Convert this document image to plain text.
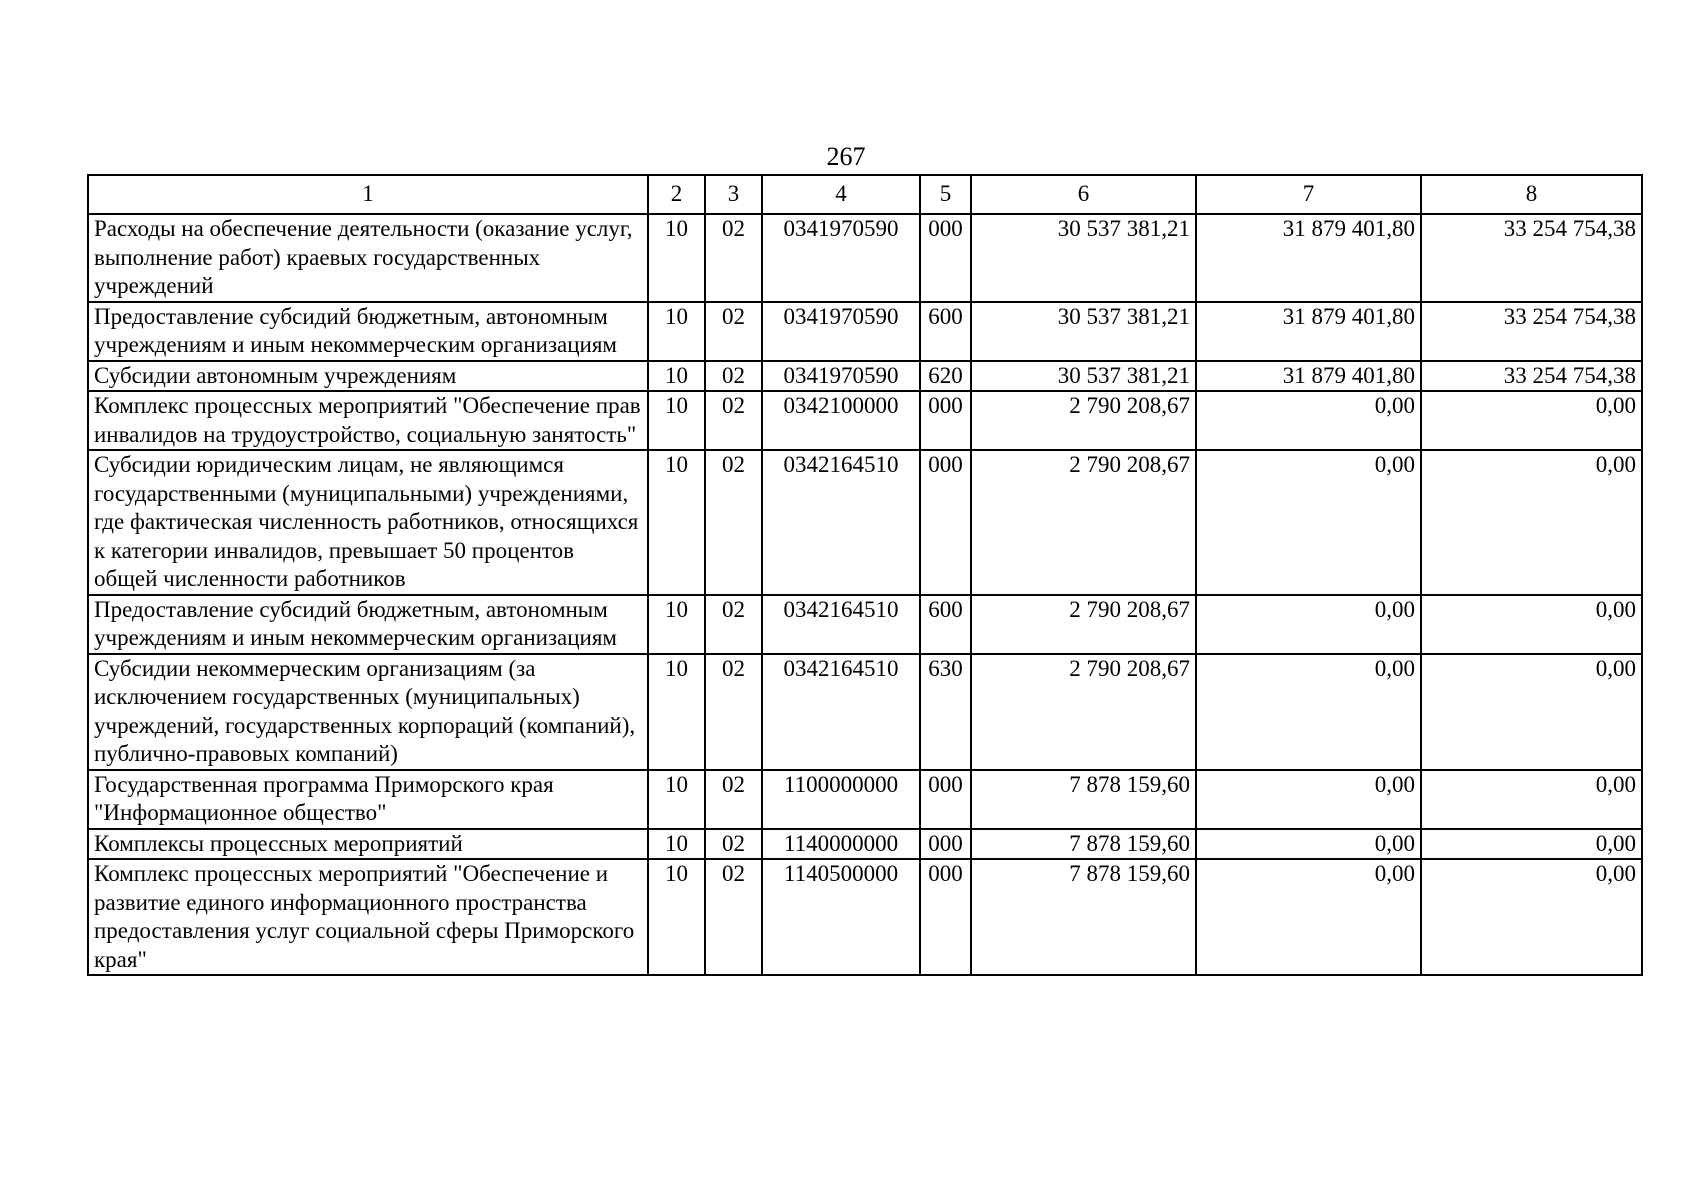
267
1	2	3	4	5	6	7	8
Расходы на обеспечение деятельности (оказание услуг, выполнение работ) краевых государственных учреждений	10	02	0341970590	000	30 537 381,21	31 879 401,80	33 254 754,38
Предоставление субсидий бюджетным, автономным учреждениям и иным некоммерческим организациям	10	02	0341970590	600	30 537 381,21	31 879 401,80	33 254 754,38
Субсидии автономным учреждениям	10	02	0341970590	620	30 537 381,21	31 879 401,80	33 254 754,38
Комплекс процессных мероприятий "Обеспечение прав инвалидов на трудоустройство, социальную занятость"	10	02	0342100000	000	2 790 208,67	0,00	0,00
Субсидии юридическим лицам, не являющимся государственными (муниципальными) учреждениями, где фактическая численность работников, относящихся к категории инвалидов, превышает 50 процентов общей численности работников	10	02	0342164510	000	2 790 208,67	0,00	0,00
Предоставление субсидий бюджетным, автономным учреждениям и иным некоммерческим организациям	10	02	0342164510	600	2 790 208,67	0,00	0,00
Субсидии некоммерческим организациям (за исключением государственных (муниципальных) учреждений, государственных корпораций (компаний), публично-правовых компаний)	10	02	0342164510	630	2 790 208,67	0,00	0,00
Государственная программа Приморского края "Информационное общество"	10	02	1100000000	000	7 878 159,60	0,00	0,00
Комплексы процессных мероприятий	10	02	1140000000	000	7 878 159,60	0,00	0,00
Комплекс процессных мероприятий "Обеспечение и развитие единого информационного пространства предоставления услуг социальной сферы Приморского края"	10	02	1140500000	000	7 878 159,60	0,00	0,00
